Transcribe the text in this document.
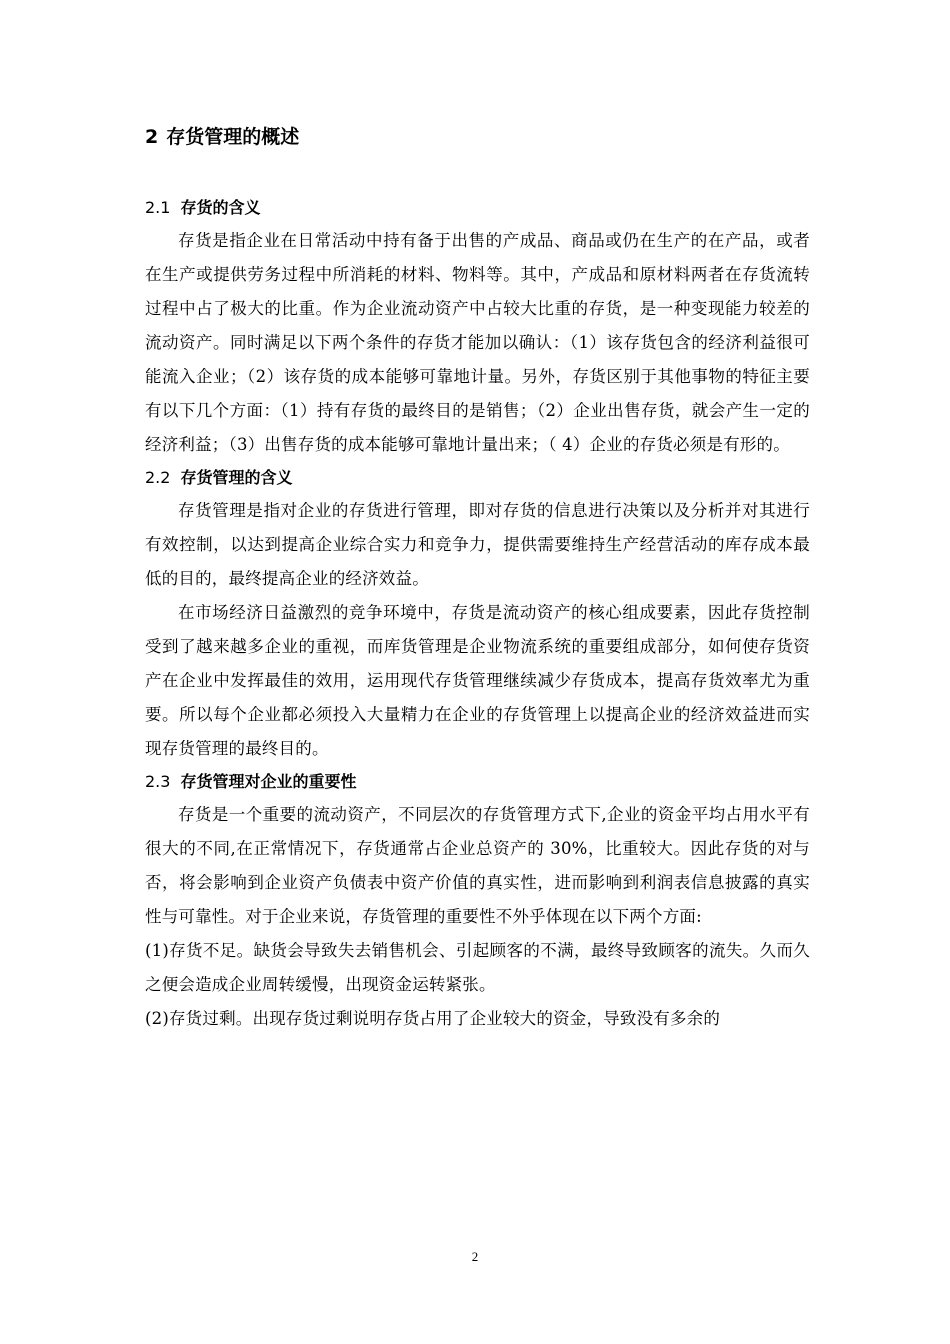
2 存货管理的概述
2.1 存货的含义

存货是指企业在日常活动中持有备于出售的产成品、商品或仍在生产的在产品，或者在生产或提供劳务过程中所消耗的材料、物料等。其中，产成品和原材料两者在存货流转过程中占了极大的比重。作为企业流动资产中占较大比重的存货，是一种变现能力较差的流动资产。同时满足以下两个条件的存货才能加以确认：（1）该存货包含的经济利益很可能流入企业；（2）该存货的成本能够可靠地计量。另外，存货区别于其他事物的特征主要有以下几个方面：（1）持有存货的最终目的是销售；（2）企业出售存货，就会产生一定的经济利益；（3）出售存货的成本能够可靠地计量出来；（ 4）企业的存货必须是有形的。

2.2 存货管理的含义

存货管理是指对企业的存货进行管理，即对存货的信息进行决策以及分析并对其进行有效控制，以达到提高企业综合实力和竞争力，提供需要维持生产经营活动的库存成本最低的目的，最终提高企业的经济效益。

在市场经济日益激烈的竞争环境中，存货是流动资产的核心组成要素，因此存货控制受到了越来越多企业的重视，而库货管理是企业物流系统的重要组成部分，如何使存货资产在企业中发挥最佳的效用，运用现代存货管理继续减少存货成本，提高存货效率尤为重要。所以每个企业都必须投入大量精力在企业的存货管理上以提高企业的经济效益进而实现存货管理的最终目的。

2.3 存货管理对企业的重要性

存货是一个重要的流动资产，不同层次的存货管理方式下,企业的资金平均占用水平有很大的不同,在正常情况下，存货通常占企业总资产的 30%，比重较大。因此存货的对与否，将会影响到企业资产负债表中资产价值的真实性，进而影响到利润表信息披露的真实性与可靠性。对于企业来说，存货管理的重要性不外乎体现在以下两个方面:

(1)存货不足。缺货会导致失去销售机会、引起顾客的不满，最终导致顾客的流失。久而久之便会造成企业周转缓慢，出现资金运转紧张。

(2)存货过剩。出现存货过剩说明存货占用了企业较大的资金，导致没有多余的

2
